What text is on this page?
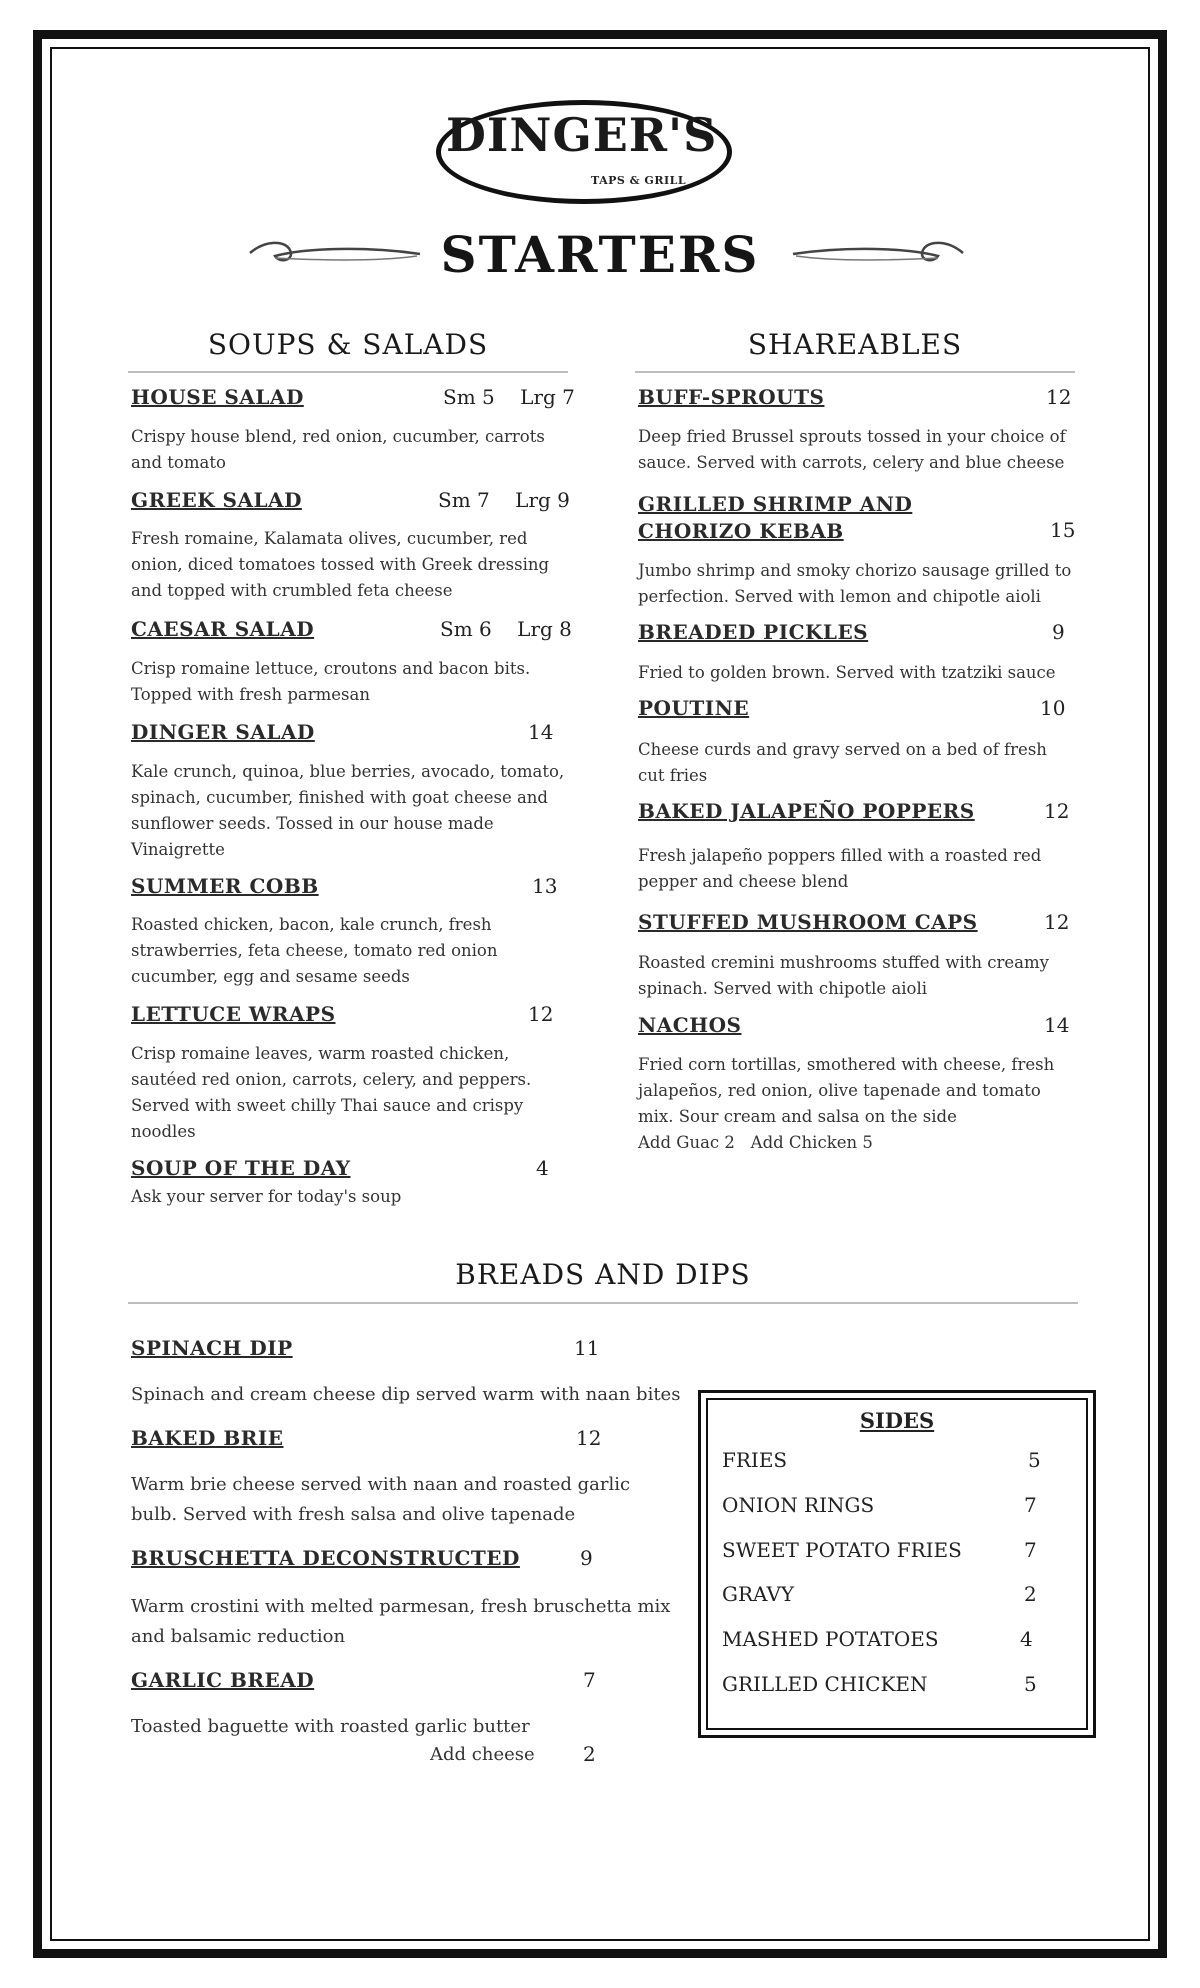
DINGER'S
TAPS & GRILL
STARTERS
SOUPS & SALADS	SHAREABLES
HOUSE SALAD	Sm 5    Lrg 7
Crispy house blend, red onion, cucumber, carrots and tomato
GREEK SALAD	Sm 7    Lrg 9
Fresh romaine, Kalamata olives, cucumber, red onion, diced tomatoes tossed with Greek dressing and topped with crumbled feta cheese
CAESAR SALAD	Sm 6    Lrg 8
Crisp romaine lettuce, croutons and bacon bits. Topped with fresh parmesan
DINGER SALAD	14
Kale crunch, quinoa, blue berries, avocado, tomato, spinach, cucumber, finished with goat cheese and sunflower seeds. Tossed in our house made Vinaigrette
SUMMER COBB	13
Roasted chicken, bacon, kale crunch, fresh strawberries, feta cheese, tomato red onion cucumber, egg and sesame seeds
LETTUCE WRAPS	12
Crisp romaine leaves, warm roasted chicken, sautéed red onion, carrots, celery, and peppers. Served with sweet chilly Thai sauce and crispy noodles
SOUP OF THE DAY	4
Ask your server for today's soup
BUFF-SPROUTS	12
Deep fried Brussel sprouts tossed in your choice of sauce. Served with carrots, celery and blue cheese
GRILLED SHRIMP AND CHORIZO KEBAB	15
Jumbo shrimp and smoky chorizo sausage grilled to perfection. Served with lemon and chipotle aioli
BREADED PICKLES	9
Fried to golden brown. Served with tzatziki sauce
POUTINE	10
Cheese curds and gravy served on a bed of fresh cut fries
BAKED JALAPEÑO POPPERS	12
Fresh jalapeño poppers filled with a roasted red pepper and cheese blend
STUFFED MUSHROOM CAPS	12
Roasted cremini mushrooms stuffed with creamy spinach. Served with chipotle aioli
NACHOS	14
Fried corn tortillas, smothered with cheese, fresh jalapeños, red onion, olive tapenade and tomato mix. Sour cream and salsa on the side
Add Guac 2   Add Chicken 5
BREADS AND DIPS
SPINACH DIP	11
Spinach and cream cheese dip served warm with naan bites
BAKED BRIE	12
Warm brie cheese served with naan and roasted garlic bulb. Served with fresh salsa and olive tapenade
BRUSCHETTA DECONSTRUCTED	9
Warm crostini with melted parmesan, fresh bruschetta mix and balsamic reduction
GARLIC BREAD	7
Toasted baguette with roasted garlic butter
Add cheese 2
SIDES
FRIES	5
ONION RINGS	7
SWEET POTATO FRIES	7
GRAVY	2
MASHED POTATOES	4
GRILLED CHICKEN	5
